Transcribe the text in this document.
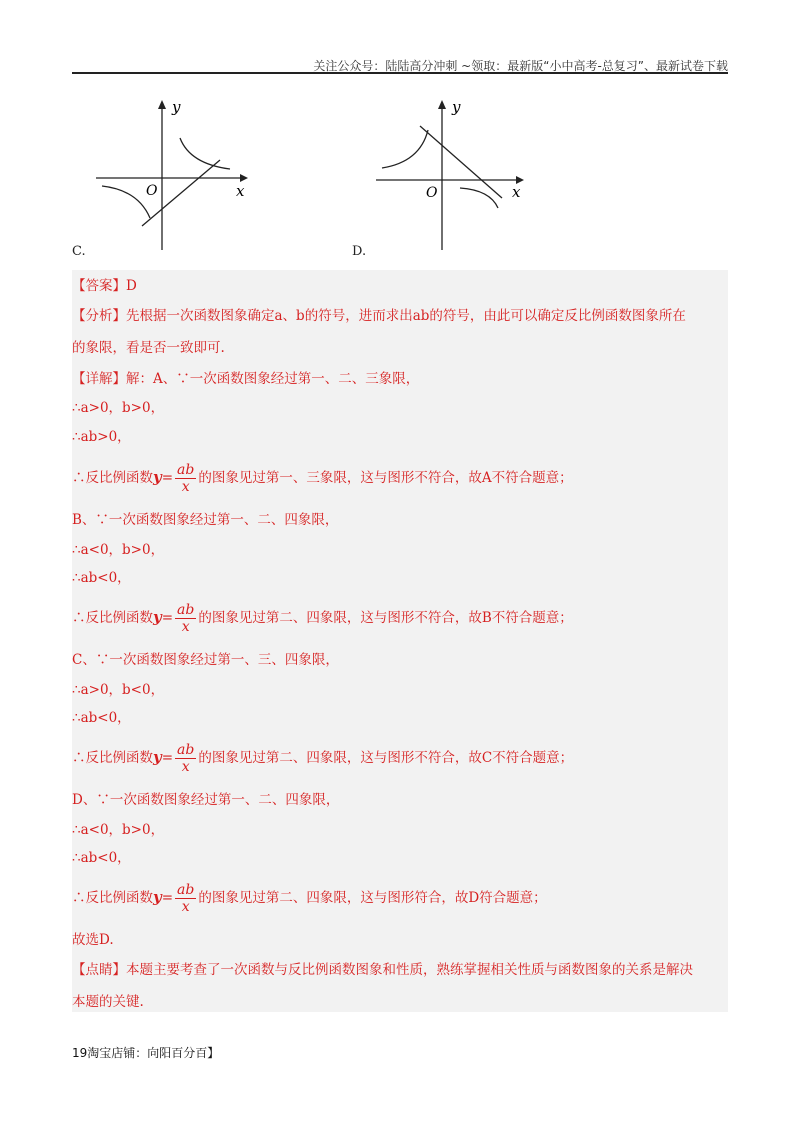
关注公众号：陆陆高分冲刺 ~领取：最新版“小中高考-总复习”、最新试卷下载
y
x
O
C.
y
x
O
D.
【答案】D
【分析】先根据一次函数图象确定a、b的符号，进而求出ab的符号，由此可以确定反比例函数图象所在
的象限，看是否一致即可.
【详解】解：A、∵一次函数图象经过第一、二、三象限，
∴a>0，b>0，
∴ab>0，
∴反比例函数$y= \frac{ab}{x}$ 的图象见过第一、三象限，这与图形不符合，故A不符合题意；
B、∵一次函数图象经过第一、二、四象限，
∴a<0，b>0，
∴ab<0，
∴反比例函数$y= \frac{ab}{x}$ 的图象见过第二、四象限，这与图形不符合，故B不符合题意；
C、∵一次函数图象经过第一、三、四象限，
∴a>0，b<0，
∴ab<0，
∴反比例函数$y= \frac{ab}{x}$ 的图象见过第二、四象限，这与图形不符合，故C不符合题意；
D、∵一次函数图象经过第一、二、四象限，
∴a<0，b>0，
∴ab<0，
∴反比例函数$y= \frac{ab}{x}$ 的图象见过第二、四象限，这与图形符合，故D符合题意；
故选D.
【点睛】本题主要考查了一次函数与反比例函数图象和性质，熟练掌握相关性质与函数图象的关系是解决
本题的关键.
19淘宝店铺：向阳百分百】
